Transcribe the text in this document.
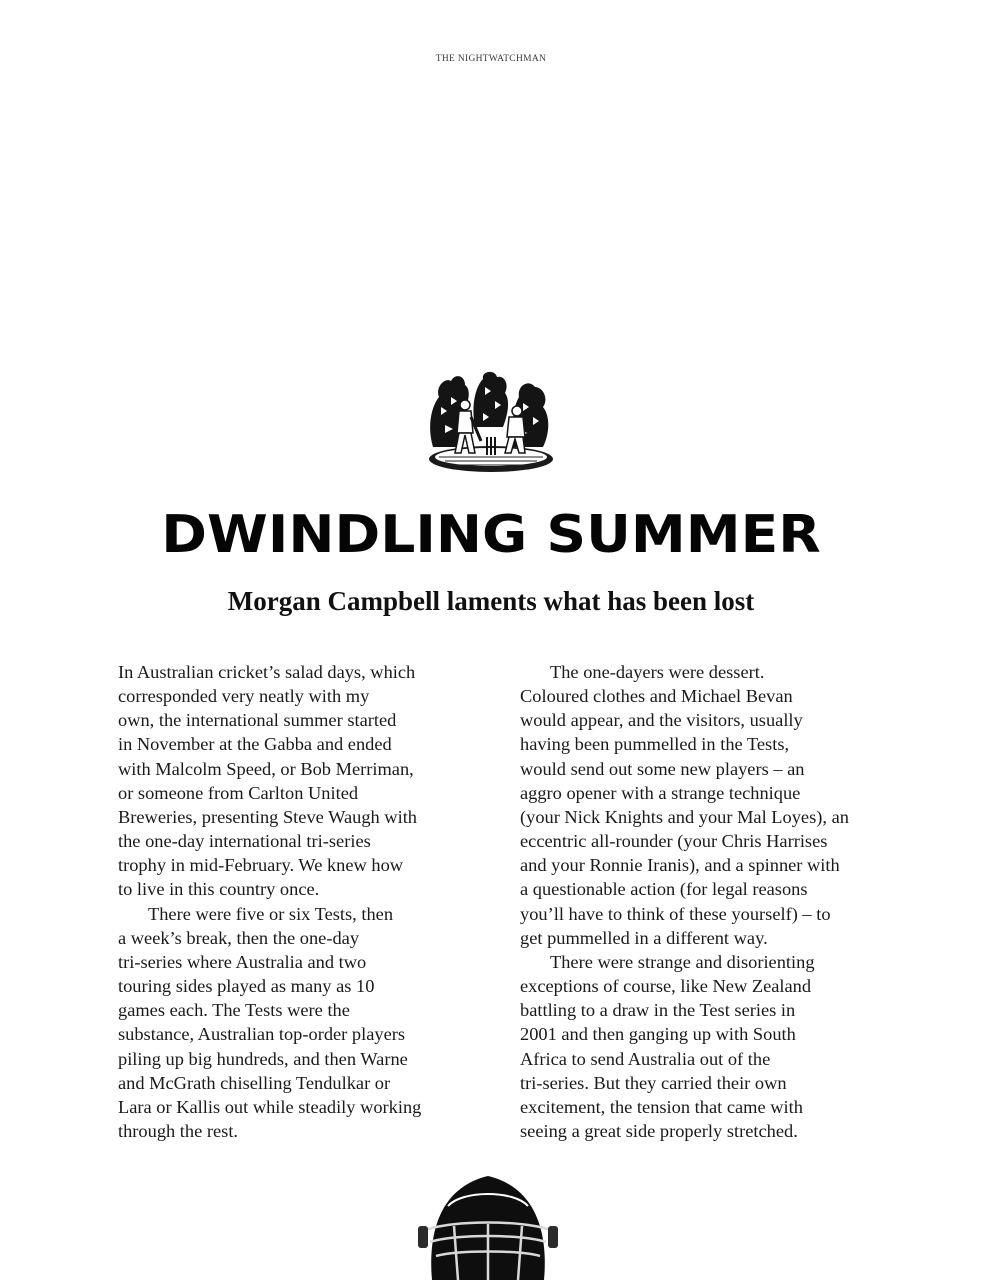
THE NIGHTWATCHMAN
DWINDLING SUMMER
Morgan Campbell laments what has been lost

In Australian cricket’s salad days, which
corresponded very neatly with my
own, the international summer started
in November at the Gabba and ended
with Malcolm Speed, or Bob Merriman,
or someone from Carlton United
Breweries, presenting Steve Waugh with
the one-day international tri-series
trophy in mid-February. We knew how
to live in this country once.

There were five or six Tests, then
a week’s break, then the one-day
tri-series where Australia and two
touring sides played as many as 10
games each. The Tests were the
substance, Australian top-order players
piling up big hundreds, and then Warne
and McGrath chiselling Tendulkar or
Lara or Kallis out while steadily working
through the rest.

The one-dayers were dessert.
Coloured clothes and Michael Bevan
would appear, and the visitors, usually
having been pummelled in the Tests,
would send out some new players – an
aggro opener with a strange technique
(your Nick Knights and your Mal Loyes), an
eccentric all-rounder (your Chris Harrises
and your Ronnie Iranis), and a spinner with
a questionable action (for legal reasons
you’ll have to think of these yourself) – to
get pummelled in a different way.

There were strange and disorienting
exceptions of course, like New Zealand
battling to a draw in the Test series in
2001 and then ganging up with South
Africa to send Australia out of the
tri-series. But they carried their own
excitement, the tension that came with
seeing a great side properly stretched.
